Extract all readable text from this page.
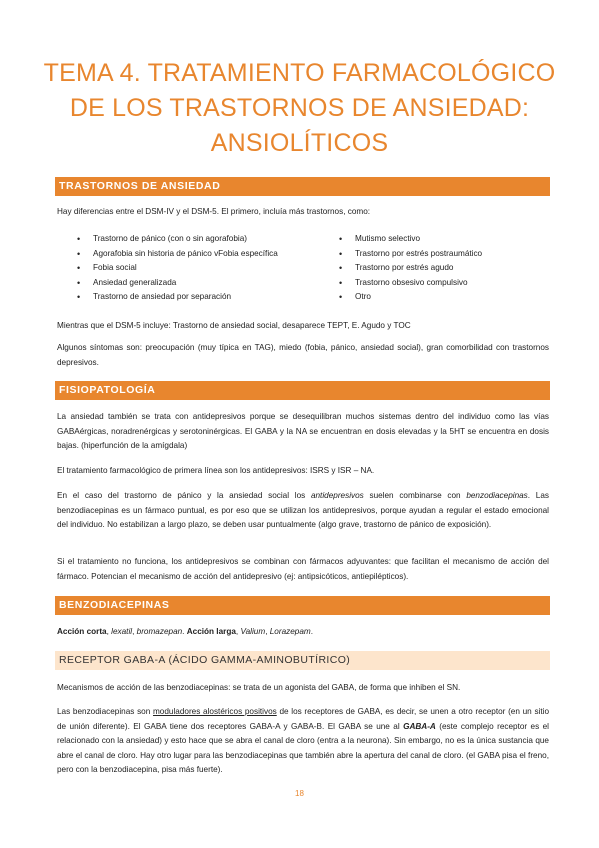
TEMA 4. TRATAMIENTO FARMACOLÓGICO
DE LOS TRASTORNOS DE ANSIEDAD:
ANSIOLÍTICOS
TRASTORNOS DE ANSIEDAD
Hay diferencias entre el DSM-IV y el DSM-5. El primero, incluía más trastornos, como:
• Trastorno de pánico (con o sin agorafobia)
• Agorafobia sin historia de pánico vFobia específica
• Fobia social
• Ansiedad generalizada
• Trastorno de ansiedad por separación
• Mutismo selectivo
• Trastorno por estrés postraumático
• Trastorno por estrés agudo
• Trastorno obsesivo compulsivo
• Otro
Mientras que el DSM-5 incluye: Trastorno de ansiedad social, desaparece TEPT, E. Agudo y TOC
Algunos síntomas son: preocupación (muy típica en TAG), miedo (fobia, pánico, ansiedad social), gran comorbilidad con trastornos depresivos.
FISIOPATOLOGÍA
La ansiedad también se trata con antidepresivos porque se desequilibran muchos sistemas dentro del individuo como las vías GABAérgicas, noradrenérgicas y serotoninérgicas. El GABA y la NA se encuentran en dosis elevadas y la 5HT se encuentra en dosis bajas. (hiperfunción de la amígdala)
El tratamiento farmacológico de primera línea son los antidepresivos: ISRS y ISR – NA.
En el caso del trastorno de pánico y la ansiedad social los antidepresivos suelen combinarse con benzodiacepinas. Las benzodiacepinas es un fármaco puntual, es por eso que se utilizan los antidepresivos, porque ayudan a regular el estado emocional del individuo. No estabilizan a largo plazo, se deben usar puntualmente (algo grave, trastorno de pánico de exposición).
Si el tratamiento no funciona, los antidepresivos se combinan con fármacos adyuvantes: que facilitan el mecanismo de acción del fármaco. Potencian el mecanismo de acción del antidepresivo (ej: antipsicóticos, antiepilépticos).
BENZODIACEPINAS
Acción corta, lexatil, bromazepan. Acción larga, Valium, Lorazepam.
RECEPTOR GABA-A (ÁCIDO GAMMA-AMINOBUTÍRICO)
Mecanismos de acción de las benzodiacepinas: se trata de un agonista del GABA, de forma que inhiben el SN.
Las benzodiacepinas son moduladores alostéricos positivos de los receptores de GABA, es decir, se unen a otro receptor (en un sitio de unión diferente). El GABA tiene dos receptores GABA-A y GABA-B. El GABA se une al GABA-A (este complejo receptor es el relacionado con la ansiedad) y esto hace que se abra el canal de cloro (entra a la neurona). Sin embargo, no es la única sustancia que abre el canal de cloro. Hay otro lugar para las benzodiacepinas que también abre la apertura del canal de cloro. (el GABA pisa el freno, pero con la benzodiacepina, pisa más fuerte).
18
